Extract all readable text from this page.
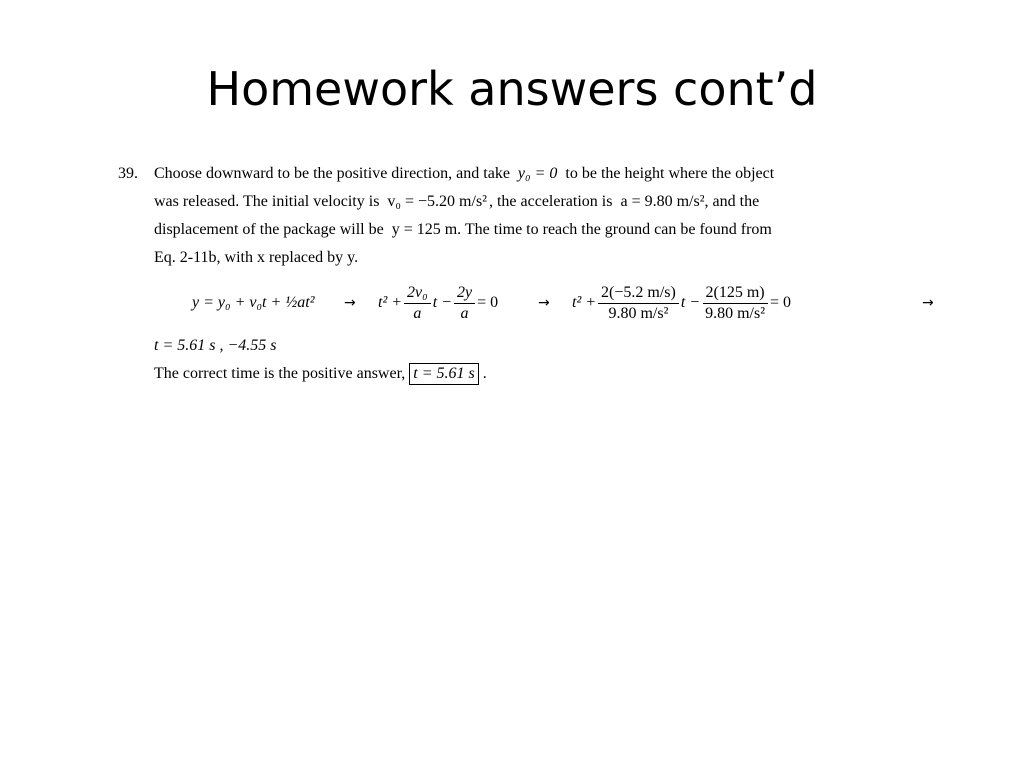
Homework answers cont’d
39. Choose downward to be the positive direction, and take y₀ = 0 to be the height where the object
was released. The initial velocity is v₀ = −5.20 m/s² , the acceleration is a = 9.80 m/s², and the
displacement of the package will be y = 125 m. The time to reach the ground can be found from
Eq. 2-11b, with x replaced by y.
y = y₀ + v₀t + ½at² → $t^2 + \frac{\text{2v₀}}{a}$ $t - \frac{2y}{a} = 0$	→ $t^2 + \frac{2(-5.2 m/s)}{\text{9.80 m/s²}}$ $t - \frac{2(125 m)}{\text{9.80 m/s²}} = 0$	→
t = 5.61 s , −4.55 s
The correct time is the positive answer, t = 5.61 s .
